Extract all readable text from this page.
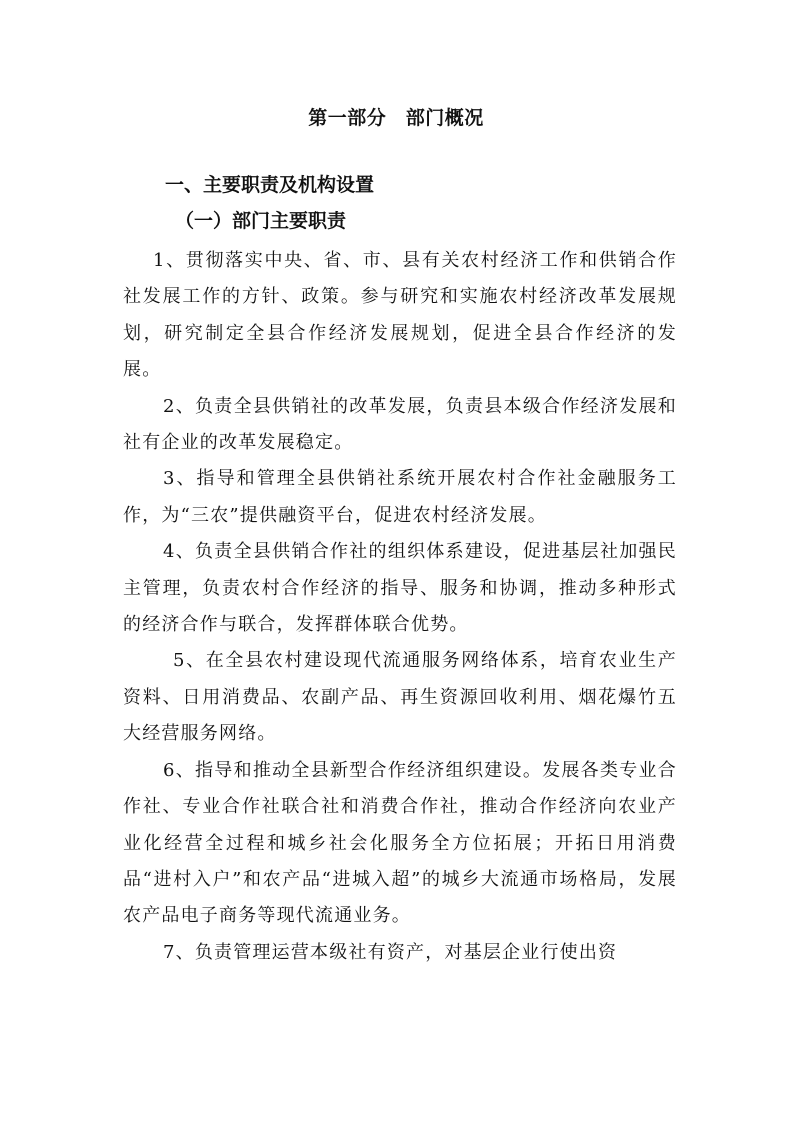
第一部分　部门概况
一、主要职责及机构设置
（一）部门主要职责

1、贯彻落实中央、省、市、县有关农村经济工作和供销合作社发展工作的方针、政策。参与研究和实施农村经济改革发展规划，研究制定全县合作经济发展规划，促进全县合作经济的发展。

2、负责全县供销社的改革发展，负责县本级合作经济发展和社有企业的改革发展稳定。

3、指导和管理全县供销社系统开展农村合作社金融服务工作，为“三农”提供融资平台，促进农村经济发展。

4、负责全县供销合作社的组织体系建设，促进基层社加强民主管理，负责农村合作经济的指导、服务和协调，推动多种形式的经济合作与联合，发挥群体联合优势。

5、在全县农村建设现代流通服务网络体系，培育农业生产资料、日用消费品、农副产品、再生资源回收利用、烟花爆竹五大经营服务网络。

6、指导和推动全县新型合作经济组织建设。发展各类专业合作社、专业合作社联合社和消费合作社，推动合作经济向农业产业化经营全过程和城乡社会化服务全方位拓展；开拓日用消费品“进村入户”和农产品“进城入超”的城乡大流通市场格局，发展农产品电子商务等现代流通业务。

7、负责管理运营本级社有资产，对基层企业行使出资
